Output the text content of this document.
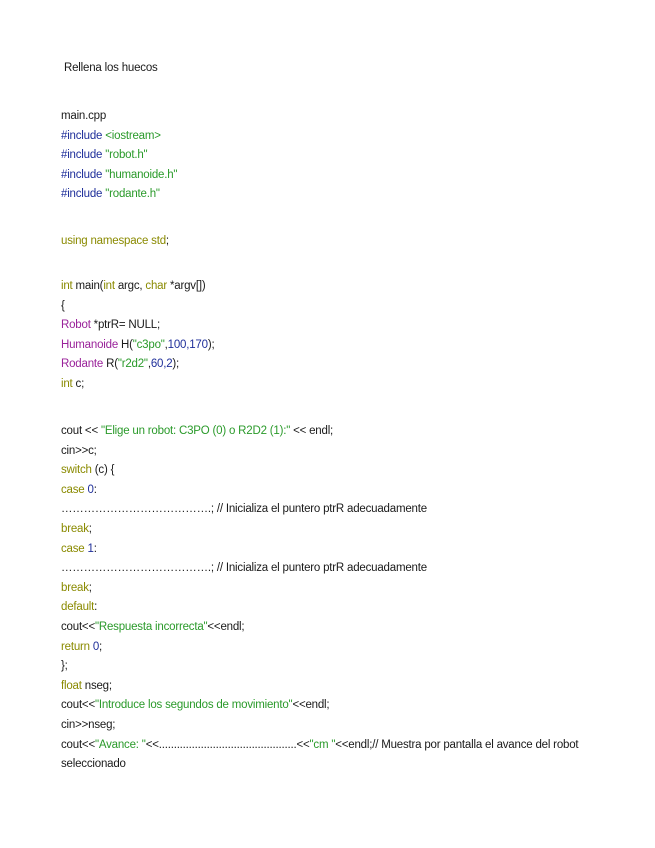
Rellena los huecos
main.cpp
#include <iostream>
#include "robot.h"
#include "humanoide.h"
#include "rodante.h"
using namespace std;
int main(int argc, char *argv[])
{
Robot *ptrR= NULL;
Humanoide H("c3po",100,170);
Rodante R("r2d2",60,2);
int c;
cout << "Elige un robot: C3PO (0) o R2D2 (1):" << endl;
cin>>c;
switch (c) {
case 0:
………………………………….; // Inicializa el puntero ptrR adecuadamente
break;
case 1:
………………………………….; // Inicializa el puntero ptrR adecuadamente
break;
default:
cout<<"Respuesta incorrecta"<<endl;
return 0;
};
float nseg;
cout<<"Introduce los segundos de movimiento"<<endl;
cin>>nseg;
cout<<"Avance: "<<..............................................<<"cm "<<endl;// Muestra por pantalla el avance del robot seleccionado
